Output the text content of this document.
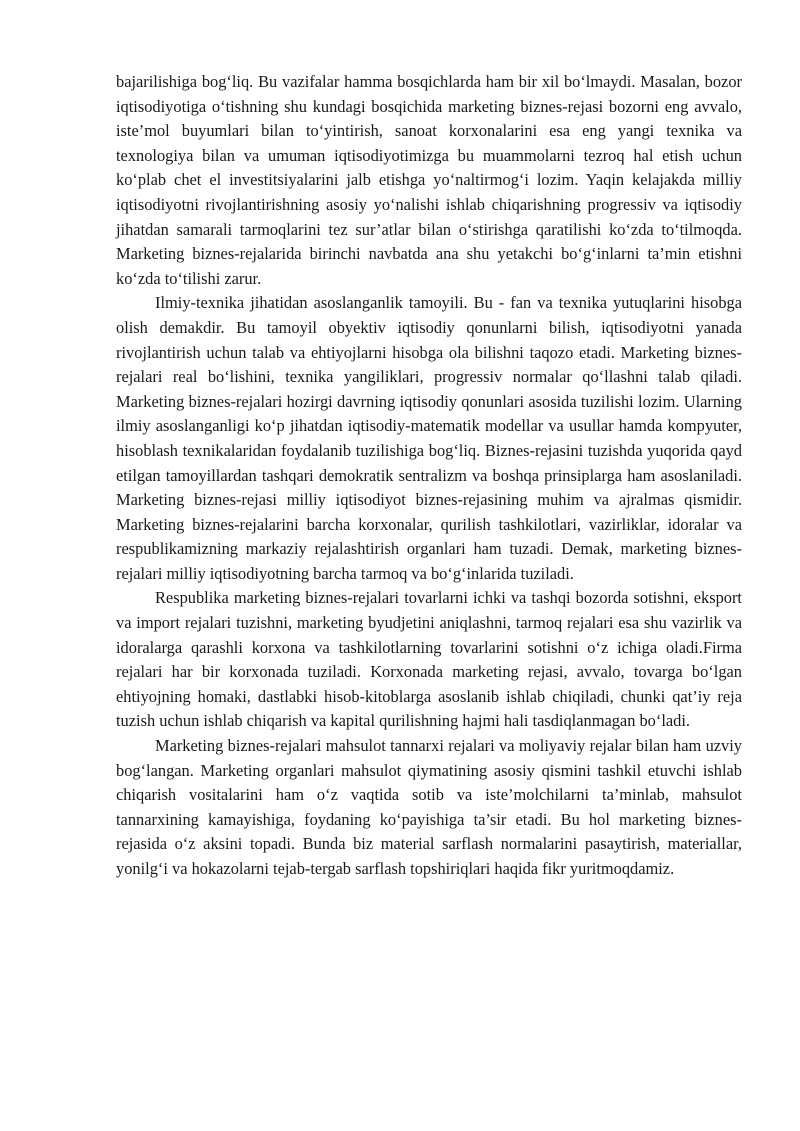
bajarilishiga bog‘liq. Bu vazifalar hamma bosqichlarda ham bir xil bo‘lmaydi. Masalan, bozor iqtisodiyotiga o‘tishning shu kundagi bosqichida marketing biznes-rejasi bozorni eng avvalo, iste’mol buyumlari bilan to‘yintirish, sanoat korxonalarini esa eng yangi texnika va texnologiya bilan va umuman iqtisodiyotimizga bu muammolarni tezroq hal etish uchun ko‘plab chet el investitsiyalarini jalb etishga yo‘naltirmog‘i lozim. Yaqin kelajakda milliy iqtisodiyotni rivojlantirishning asosiy yo‘nalishi ishlab chiqarishning progressiv va iqtisodiy jihatdan samarali tarmoqlarini tez sur’atlar bilan o‘stirishga qaratilishi ko‘zda to‘tilmoqda. Marketing biznes-rejalarida birinchi navbatda ana shu yetakchi bo‘g‘inlarni ta’min etishni ko‘zda to‘tilishi zarur.

Ilmiy-texnika jihatidan asoslanganlik tamoyili. Bu - fan va texnika yutuqlarini hisobga olish demakdir. Bu tamoyil obyektiv iqtisodiy qonunlarni bilish, iqtisodiyotni yanada rivojlantirish uchun talab va ehtiyojlarni hisobga ola bilishni taqozo etadi. Marketing biznes-rejalari real bo‘lishini, texnika yangiliklari, progressiv normalar qo‘llashni talab qiladi. Marketing biznes-rejalari hozirgi davrning iqtisodiy qonunlari asosida tuzilishi lozim. Ularning ilmiy asoslanganligi ko‘p jihatdan iqtisodiy-matematik modellar va usullar hamda kompyuter, hisoblash texnikalaridan foydalanib tuzilishiga bog‘liq. Biznes-rejasini tuzishda yuqorida qayd etilgan tamoyillardan tashqari demokratik sentralizm va boshqa prinsiplarga ham asoslaniladi. Marketing biznes-rejasi milliy iqtisodiyot biznes-rejasining muhim va ajralmas qismidir. Marketing biznes-rejalarini barcha korxonalar, qurilish tashkilotlari, vazirliklar, idoralar va respublikamizning markaziy rejalashtirish organlari ham tuzadi. Demak, marketing biznes-rejalari milliy iqtisodiyotning barcha tarmoq va bo‘g‘inlarida tuziladi.

Respublika marketing biznes-rejalari tovarlarni ichki va tashqi bozorda sotishni, eksport va import rejalari tuzishni, marketing byudjetini aniqlashni, tarmoq rejalari esa shu vazirlik va idoralarga qarashli korxona va tashkilotlarning tovarlarini sotishni o‘z ichiga oladi.Firma rejalari har bir korxonada tuziladi. Korxonada marketing rejasi, avvalo, tovarga bo‘lgan ehtiyojning homaki, dastlabki hisob-kitoblarga asoslanib ishlab chiqiladi, chunki qat’iy reja tuzish uchun ishlab chiqarish va kapital qurilishning hajmi hali tasdiqlanmagan bo‘ladi.

Marketing biznes-rejalari mahsulot tannarxi rejalari va moliyaviy rejalar bilan ham uzviy bog‘langan. Marketing organlari mahsulot qiymatining asosiy qismini tashkil etuvchi ishlab chiqarish vositalarini ham o‘z vaqtida sotib va iste’molchilarni ta’minlab, mahsulot tannarxining kamayishiga, foydaning ko‘payishiga ta’sir etadi. Bu hol marketing biznes-rejasida o‘z aksini topadi. Bunda biz material sarflash normalarini pasaytirish, materiallar, yonilg‘i va hokazolarni tejab-tergab sarflash topshiriqlari haqida fikr yuritmoqdamiz.
